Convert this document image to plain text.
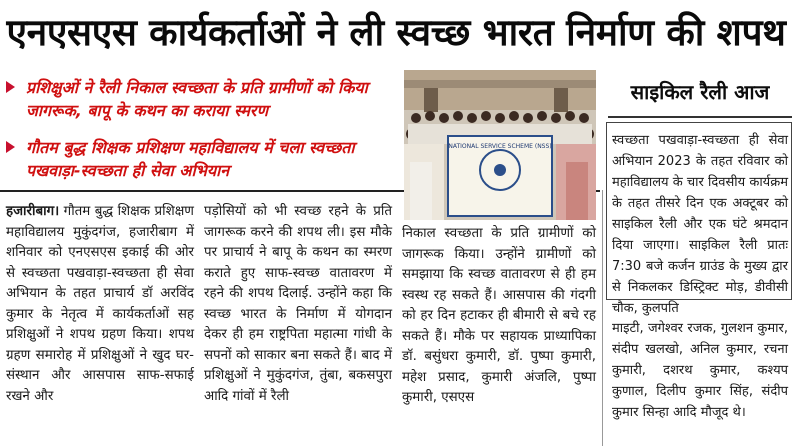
एनएसएस कार्यकर्ताओं ने ली स्वच्छ भारत निर्माण की शपथ
प्रशिक्षुओं ने रैली निकाल स्वच्छता के प्रति ग्रामीणों को किया जागरूक, बापू के कथन का कराया स्मरण
गौतम बुद्ध शिक्षक प्रशिक्षण महाविद्यालय में चला स्वच्छता पखवाड़ा-स्वच्छता ही सेवा अभियान
NATIONAL SERVICE SCHEME (NSS)
हजारीबाग। गौतम बुद्ध शिक्षक प्रशिक्षण महाविद्यालय मुकुंदगंज, हजारीबाग में शनिवार को एनएसएस इकाई की ओर से स्वच्छता पखवाड़ा-स्वच्छता ही सेवा अभियान के तहत प्राचार्य डॉ अरविंद कुमार के नेतृत्व में कार्यकर्ताओं सह प्रशिक्षुओं ने शपथ ग्रहण किया। शपथ ग्रहण समारोह में प्रशिक्षुओं ने खुद घर-संस्थान और आसपास साफ-सफाई रखने और
पड़ोसियों को भी स्वच्छ रहने के प्रति जागरूक करने की शपथ ली। इस मौके पर प्राचार्य ने बापू के कथन का स्मरण कराते हुए साफ-स्वच्छ वातावरण में रहने की शपथ दिलाई. उन्होंने कहा कि स्वच्छ भारत के निर्माण में योगदान देकर ही हम राष्ट्रपिता महात्मा गांधी के सपनों को साकार बना सकते हैं। बाद में प्रशिक्षुओं ने मुकुंदगंज, तुंबा, बकसपुरा आदि गांवों में रैली
निकाल स्वच्छता के प्रति ग्रामीणों को जागरूक किया। उन्होंने ग्रामीणों को समझाया कि स्वच्छ वातावरण से ही हम स्वस्थ रह सकते हैं। आसपास की गंदगी को हर दिन हटाकर ही बीमारी से बचे रह सकते हैं। मौके पर सहायक प्राध्यापिका डॉ. बसुंधरा कुमारी, डॉ. पुष्पा कुमारी, महेश प्रसाद, कुमारी अंजलि, पुष्पा कुमारी, एसएस
साइकिल रैली आज
स्वच्छता पखवाड़ा-स्वच्छता ही सेवा अभियान 2023 के तहत रविवार को महाविद्यालय के चार दिवसीय कार्यक्रम के तहत तीसरे दिन एक अक्टूबर को साइकिल रैली और एक घंटे श्रमदान दिया जाएगा। साइकिल रैली प्रातः 7:30 बजे कर्जन ग्राउंड के मुख्य द्वार से निकलकर डिस्ट्रिक्ट मोड़, डीवीसी चौक, कुलपति
माइटी, जगेश्वर रजक, गुलशन कुमार, संदीप खलखो, अनिल कुमार, रचना कुमारी, दशरथ कुमार, कश्यप कुणाल, दिलीप कुमार सिंह, संदीप कुमार सिन्हा आदि मौजूद थे।
